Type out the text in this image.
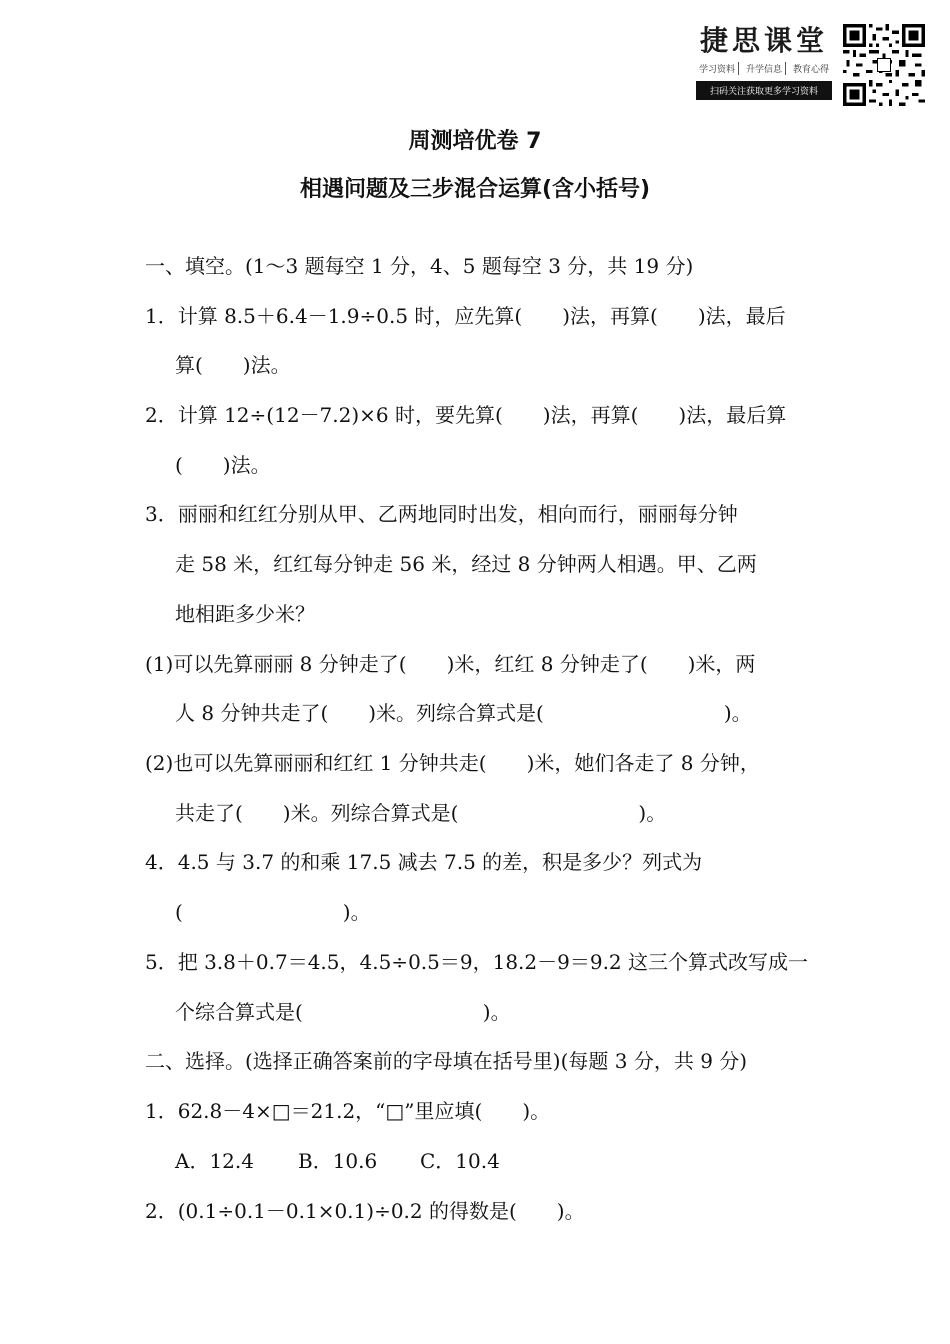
捷思课堂
学习资料	升学信息	教育心得
扫码关注获取更多学习资料
周测培优卷 7
相遇问题及三步混合运算(含小括号)
一、填空。(1～3 题每空 1 分，4、5 题每空 3 分，共 19 分)
1．计算 8.5＋6.4－1.9÷0.5 时，应先算(　　)法，再算(　　)法，最后
算(　　)法。
2．计算 12÷(12－7.2)×6 时，要先算(　　)法，再算(　　)法，最后算
(　　)法。
3．丽丽和红红分别从甲、乙两地同时出发，相向而行，丽丽每分钟
走 58 米，红红每分钟走 56 米，经过 8 分钟两人相遇。甲、乙两
地相距多少米？
(1)可以先算丽丽 8 分钟走了(　　)米，红红 8 分钟走了(　　)米，两
人 8 分钟共走了(　　)米。列综合算式是(　　　　　　　　　)。
(2)也可以先算丽丽和红红 1 分钟共走(　　)米，她们各走了 8 分钟，
共走了(　　)米。列综合算式是(　　　　　　　　　)。
4．4.5 与 3.7 的和乘 17.5 减去 7.5 的差，积是多少？列式为
(　　　　　　　　)。
5．把 3.8＋0.7＝4.5，4.5÷0.5＝9，18.2－9＝9.2 这三个算式改写成一
个综合算式是(　　　　　　　　　)。
二、选择。(选择正确答案前的字母填在括号里)(每题 3 分，共 9 分)
1．62.8－4×□＝21.2，“□”里应填(　　)。
A．12.4 B．10.6 C．10.4
2．(0.1÷0.1－0.1×0.1)÷0.2 的得数是(　　)。
